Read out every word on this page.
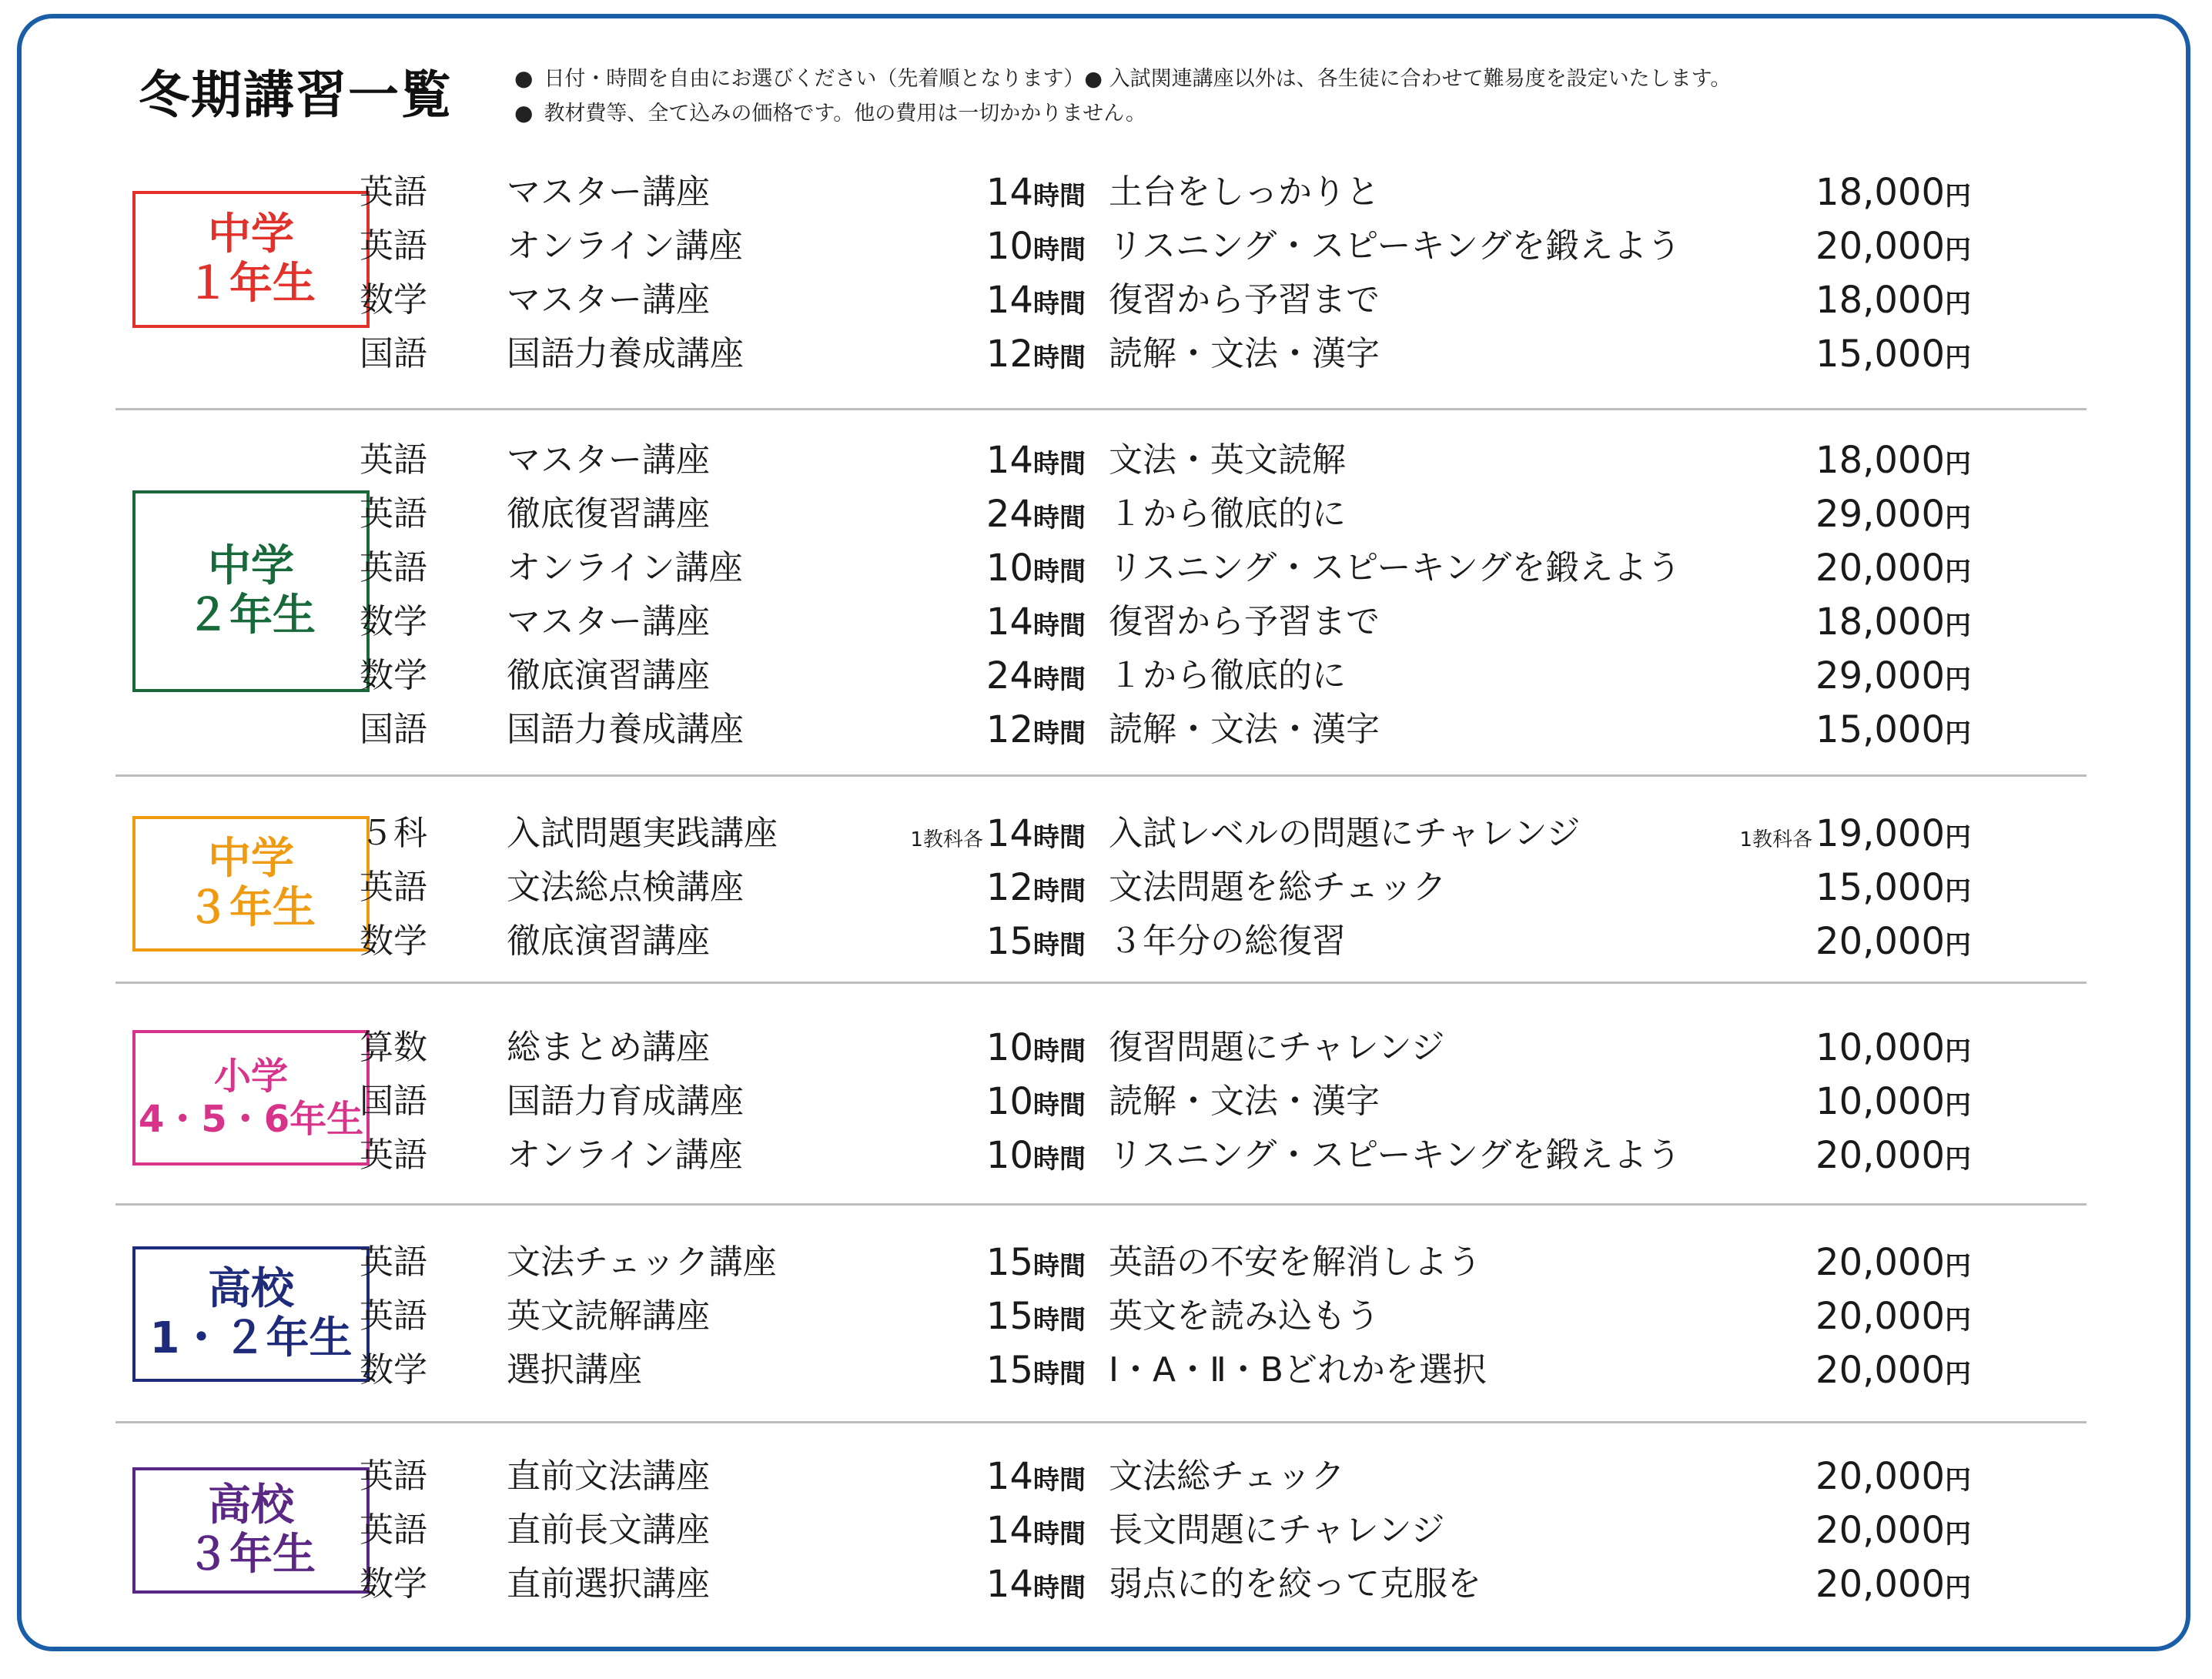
冬期講習一覧	● 日付・時間を自由にお選びください（先着順となります）● 入試関連講座以外は、各生徒に合わせて難易度を設定いたします。
● 教材費等、全て込みの価格です。他の費用は一切かかりません。
中学
１年生
英語	マスター講座	14時間 土台をしっかりと	18,000円
英語	オンライン講座	10時間 リスニング・スピーキングを鍛えよう	20,000円
数学	マスター講座	14時間 復習から予習まで	18,000円
国語	国語力養成講座	12時間 読解・文法・漢字	15,000円
中学
２年生
英語	マスター講座	14時間 文法・英文読解	18,000円
英語	徹底復習講座	24時間 １から徹底的に	29,000円
英語	オンライン講座	10時間 リスニング・スピーキングを鍛えよう	20,000円
数学	マスター講座	14時間 復習から予習まで	18,000円
数学	徹底演習講座	24時間 １から徹底的に	29,000円
国語	国語力養成講座	12時間 読解・文法・漢字	15,000円
中学
３年生
５科	入試問題実践講座	1教科各14時間 入試レベルの問題にチャレンジ	1教科各19,000円
英語	文法総点検講座	12時間 文法問題を総チェック	15,000円
数学	徹底演習講座	15時間 ３年分の総復習	20,000円
小学
4・5・6年生
算数	総まとめ講座	10時間 復習問題にチャレンジ	10,000円
国語	国語力育成講座	10時間 読解・文法・漢字	10,000円
英語	オンライン講座	10時間 リスニング・スピーキングを鍛えよう	20,000円
高校
1・２年生
英語	文法チェック講座	15時間 英語の不安を解消しよう	20,000円
英語	英文読解講座	15時間 英文を読み込もう	20,000円
数学	選択講座	15時間 Ⅰ・A・Ⅱ・Bどれかを選択	20,000円
高校
３年生
英語	直前文法講座	14時間 文法総チェック	20,000円
英語	直前長文講座	14時間 長文問題にチャレンジ	20,000円
数学	直前選択講座	14時間 弱点に的を絞って克服を	20,000円
